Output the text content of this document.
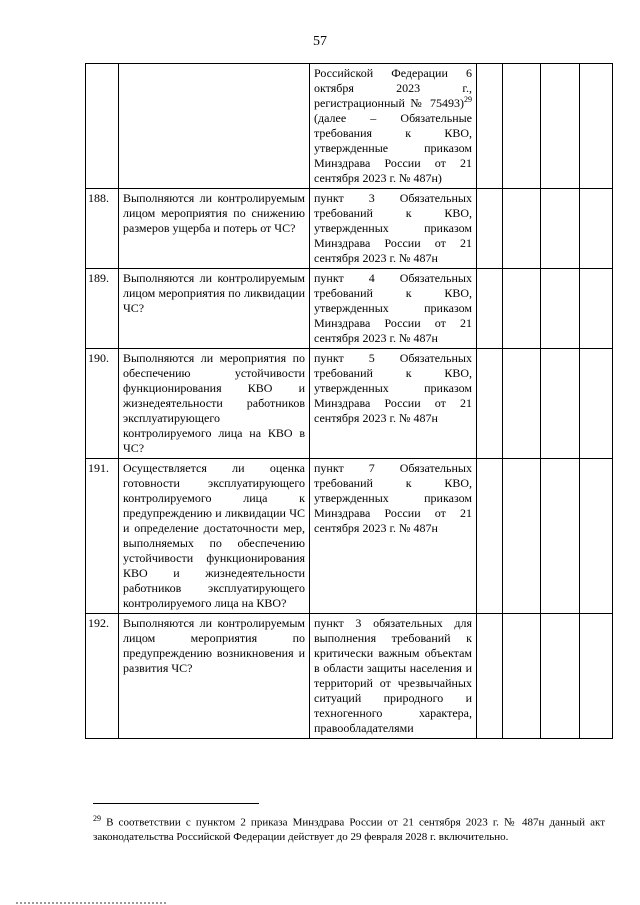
57
		Российской Федерации 6 октября 2023 г., регистрационный № 75493)$^{29}$
(далее – Обязательные требования к КВО, утвержденные приказом Минздрава России от 21 сентября 2023 г. № 487н)				

188.	Выполняются ли контролируемым лицом мероприятия по снижению размеров ущерба и потерь от ЧС?	пункт 3 Обязательных требований к КВО, утвержденных приказом Минздрава России от 21 сентября 2023 г. № 487н				
189.	Выполняются ли контролируемым лицом мероприятия по ликвидации ЧС?	пункт 4 Обязательных требований к КВО, утвержденных приказом Минздрава России от 21 сентября 2023 г. № 487н				
190.	Выполняются ли мероприятия по обеспечению устойчивости функционирования КВО и жизнедеятельности работников эксплуатирующего контролируемого лица на КВО в ЧС?	пункт 5 Обязательных требований к КВО, утвержденных приказом Минздрава России от 21 сентября 2023 г. № 487н				
191.	Осуществляется ли оценка готовности эксплуатирующего контролируемого лица к предупреждению и ликвидации ЧС и определение достаточности мер, выполняемых по обеспечению устойчивости функционирования КВО и жизнедеятельности работников эксплуатирующего контролируемого лица на КВО?	пункт 7 Обязательных требований к КВО, утвержденных приказом Минздрава России от 21 сентября 2023 г. № 487н				
192.	Выполняются ли контролируемым лицом мероприятия по предупреждению возникновения и развития ЧС?	пункт 3 обязательных для выполнения требований к критически важным объектам в области защиты населения и территорий от чрезвычайных ситуаций природного и техногенного характера, правообладателями				
$^{29}$ В соответствии с пунктом 2 приказа Минздрава России от 21 сентября 2023 г. № 487н данный акт законодательства Российской Федерации действует до 29 февраля 2028 г. включительно.
